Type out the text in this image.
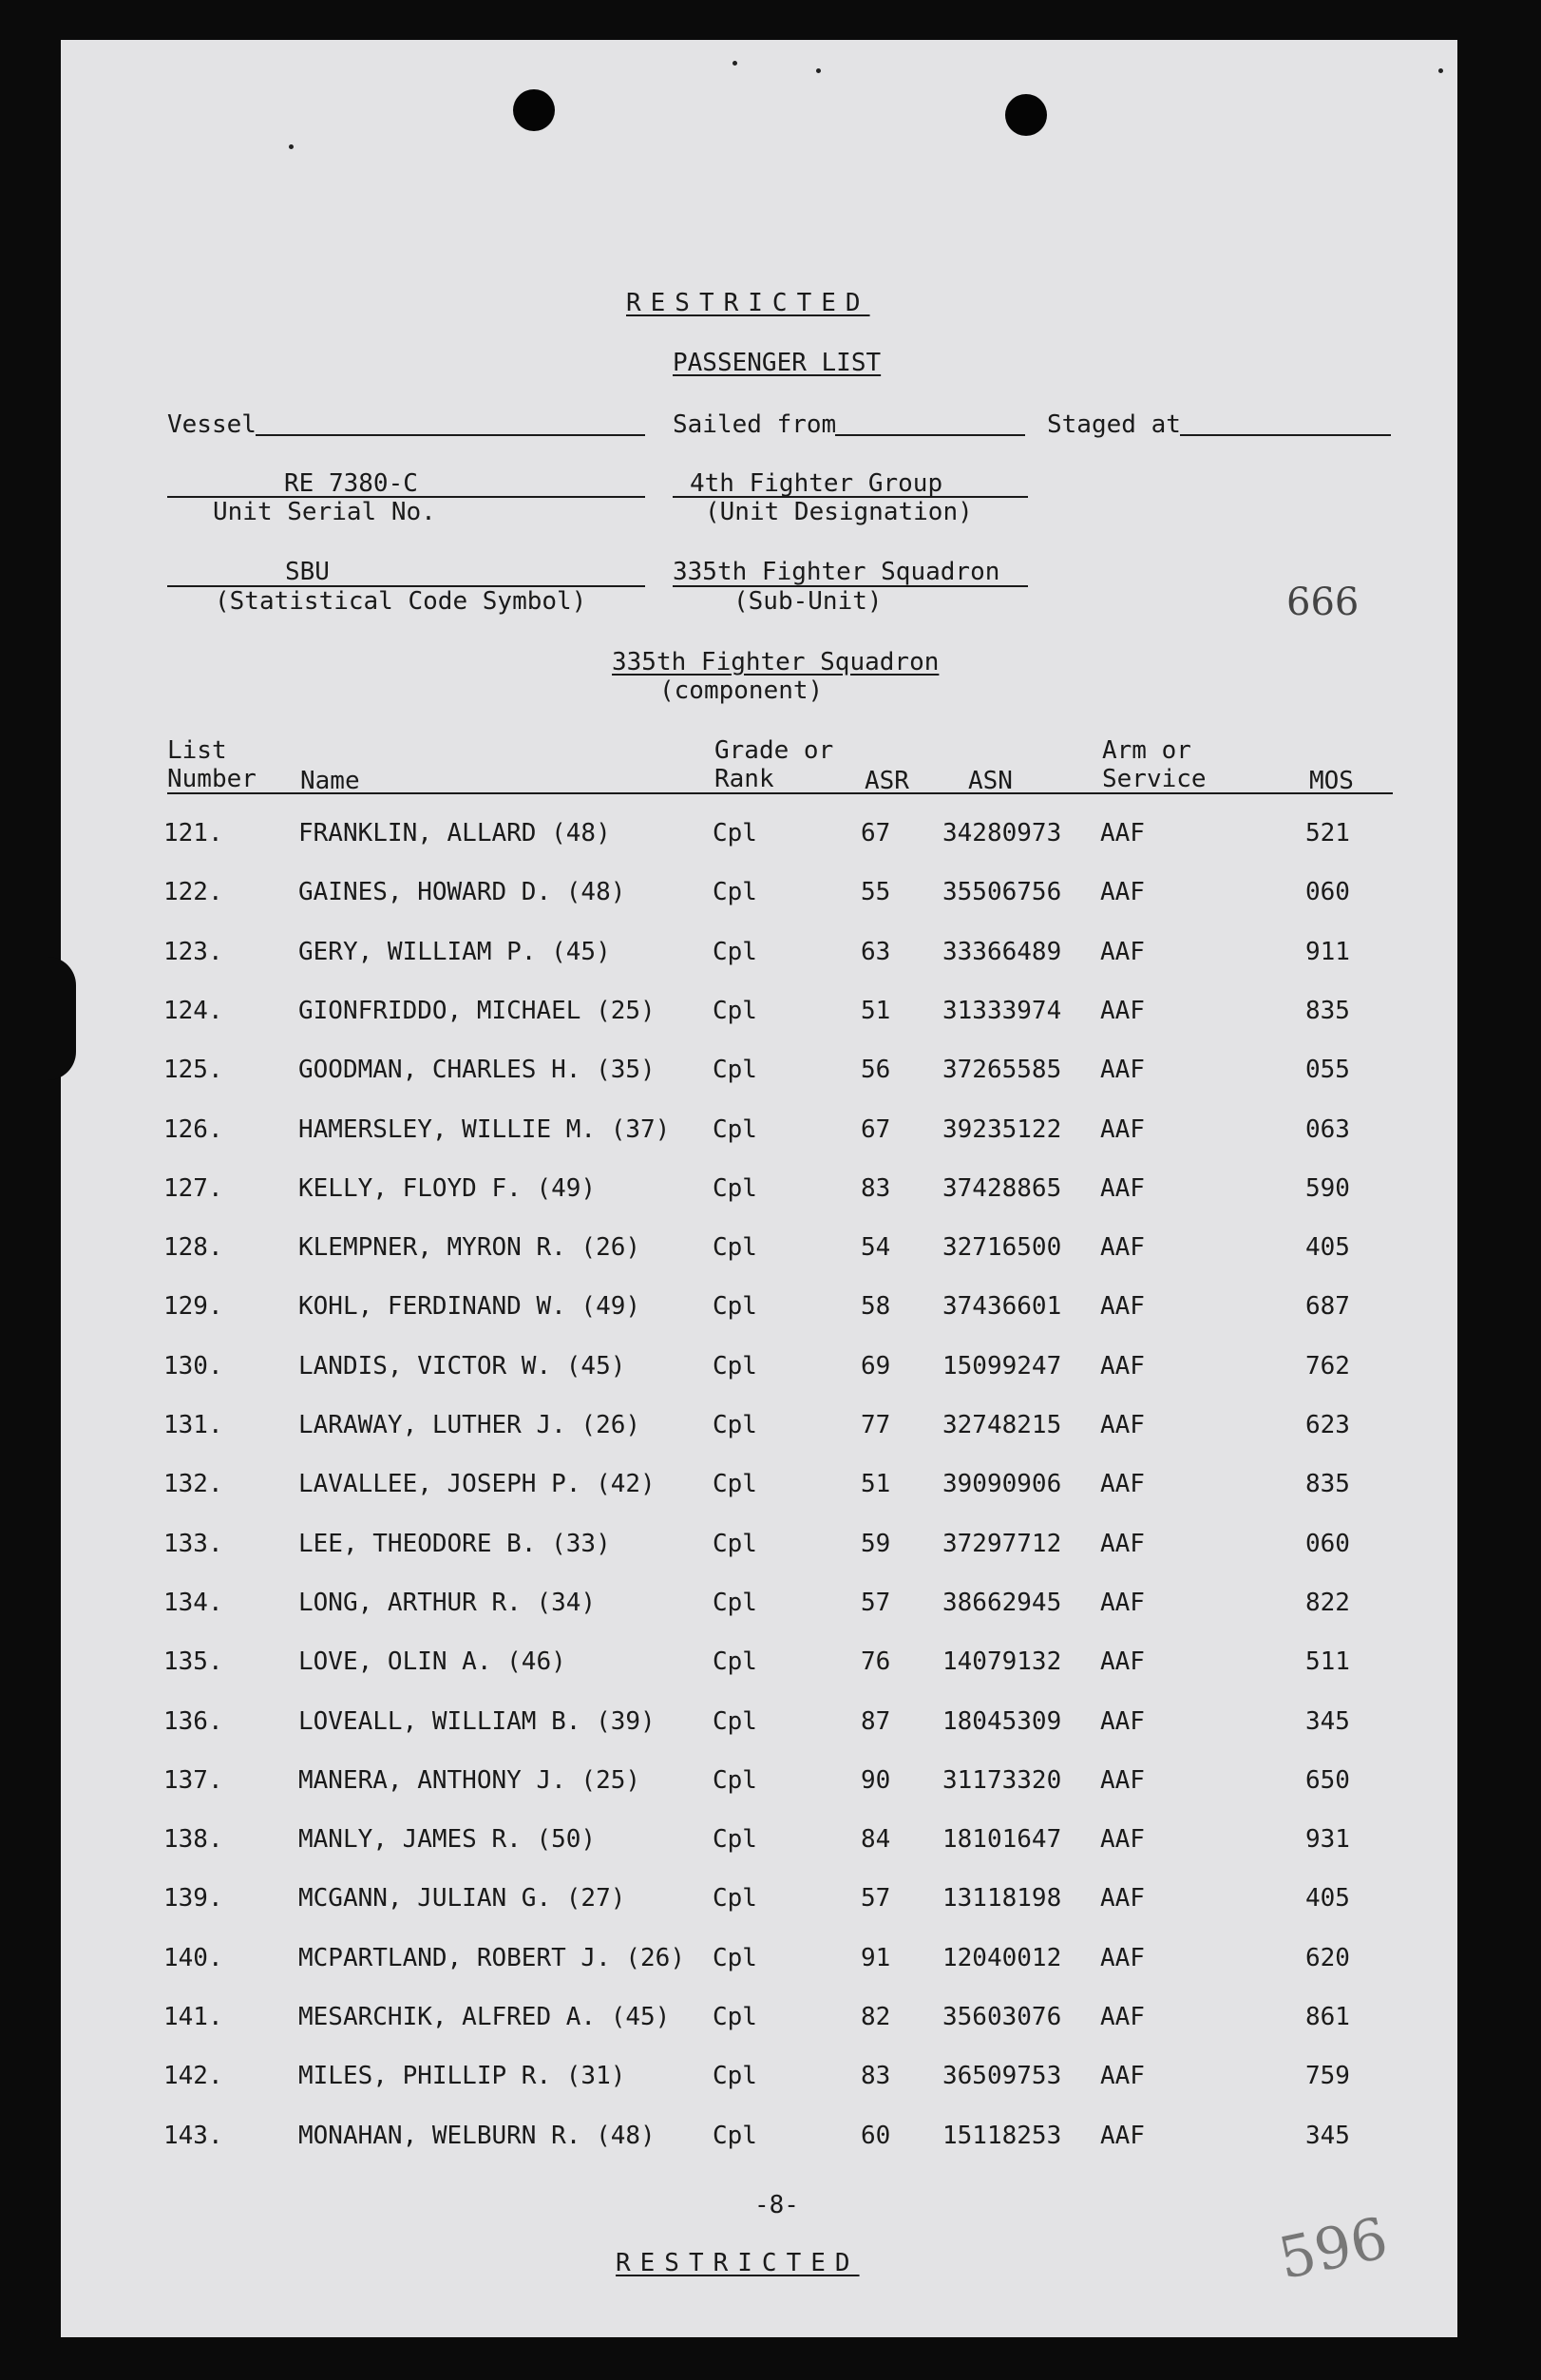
RESTRICTED
PASSENGER LIST
Vessel	Sailed from	Staged at
RE 7380-C
Unit Serial No.
4th Fighter Group
(Unit Designation)
SBU
(Statistical Code Symbol)
335th Fighter Squadron
(Sub-Unit)	666
335th Fighter Squadron
(component)
List
Number Name
Grade or
Rank	ASR ASN
Arm or
Service	MOS
121.	FRANKLIN, ALLARD (48)	Cpl	67 34280973 AAF	521
122.	GAINES, HOWARD D. (48)	Cpl	55 35506756 AAF	060
123.	GERY, WILLIAM P. (45)	Cpl	63 33366489 AAF	911
124.	GIONFRIDDO, MICHAEL (25) Cpl	51 31333974 AAF	835
125.	GOODMAN, CHARLES H. (35) Cpl	56 37265585 AAF	055
126.	HAMERSLEY, WILLIE M. (37) Cpl	67 39235122 AAF	063
127.	KELLY, FLOYD F. (49)	Cpl	83 37428865 AAF	590
128.	KLEMPNER, MYRON R. (26)	Cpl	54 32716500 AAF	405
129.	KOHL, FERDINAND W. (49)	Cpl	58 37436601 AAF	687
130.	LANDIS, VICTOR W. (45)	Cpl	69 15099247 AAF	762
131.	LARAWAY, LUTHER J. (26)	Cpl	77 32748215 AAF	623
132.	LAVALLEE, JOSEPH P. (42) Cpl	51 39090906 AAF	835
133.	LEE, THEODORE B. (33)	Cpl	59 37297712 AAF	060
134.	LONG, ARTHUR R. (34)	Cpl	57 38662945 AAF	822
135.	LOVE, OLIN A. (46)	Cpl	76 14079132 AAF	511
136.	LOVEALL, WILLIAM B. (39) Cpl	87 18045309 AAF	345
137.	MANERA, ANTHONY J. (25)	Cpl	90 31173320 AAF	650
138.	MANLY, JAMES R. (50)	Cpl	84 18101647 AAF	931
139.	MCGANN, JULIAN G. (27)	Cpl	57 13118198 AAF	405
140.	MCPARTLAND, ROBERT J. (26) Cpl	91 12040012 AAF	620
141.	MESARCHIK, ALFRED A. (45) Cpl	82 35603076 AAF	861
142.	MILES, PHILLIP R. (31)	Cpl	83 36509753 AAF	759
143.	MONAHAN, WELBURN R. (48) Cpl	60 15118253 AAF	345
-8-
RESTRICTED	596
